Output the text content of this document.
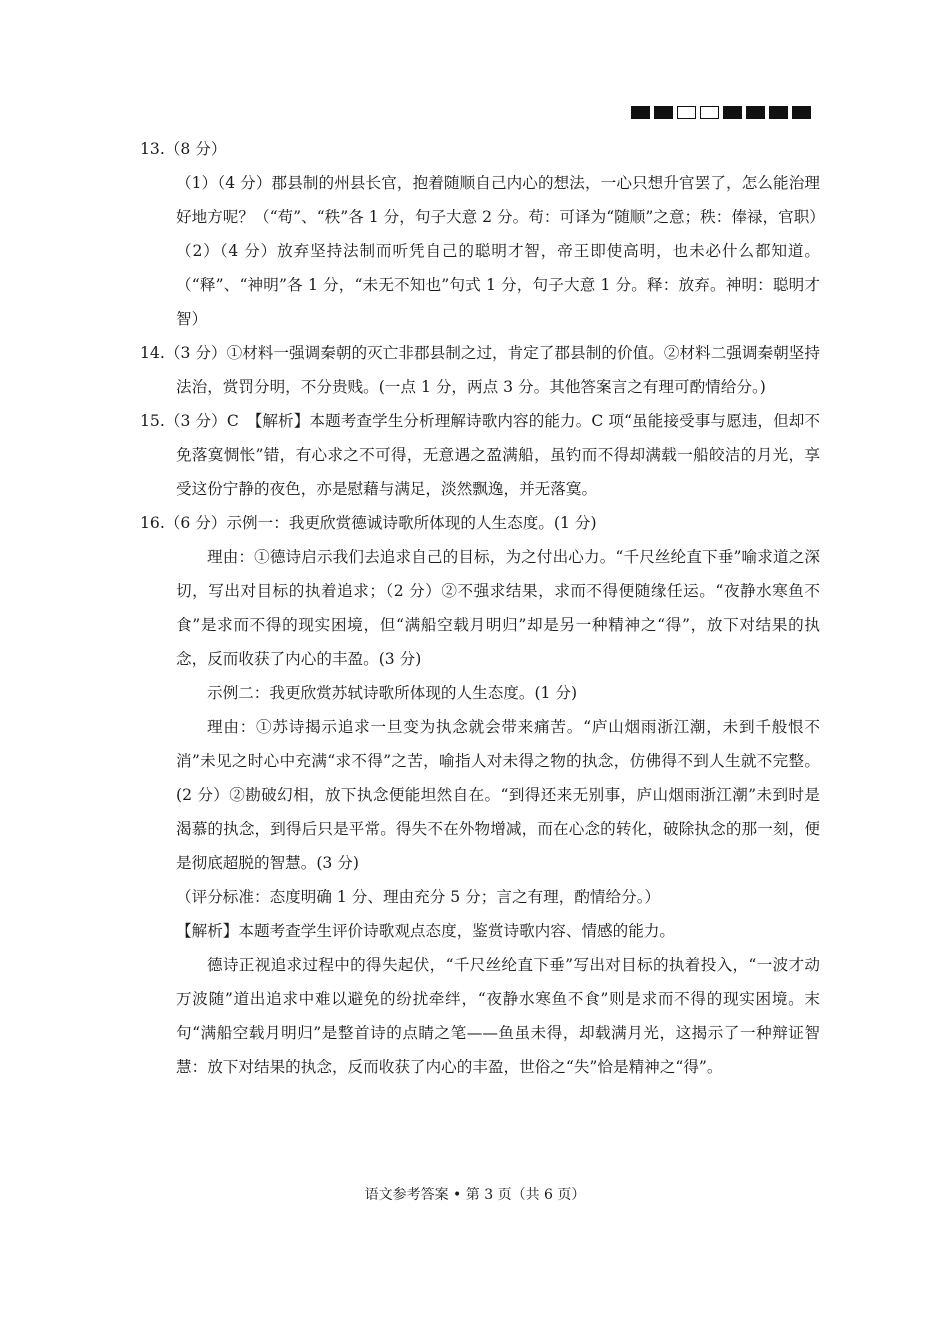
13.（8 分）

（1）（4 分）郡县制的州县长官，抱着随顺自己内心的想法，一心只想升官罢了，怎么能治理好地方呢？（“苟”、“秩”各 1 分，句子大意 2 分。苟：可译为“随顺”之意；秩：俸禄，官职）

（2）（4 分）放弃坚持法制而听凭自己的聪明才智，帝王即使高明，也未必什么都知道。（“释”、“神明”各 1 分，“未无不知也”句式 1 分，句子大意 1 分。释：放弃。神明：聪明才智）

14.（3 分）①材料一强调秦朝的灭亡非郡县制之过，肯定了郡县制的价值。②材料二强调秦朝坚持法治，赏罚分明，不分贵贱。(一点 1 分，两点 3 分。其他答案言之有理可酌情给分。)

15.（3 分）C　【解析】本题考查学生分析理解诗歌内容的能力。C 项“虽能接受事与愿违，但却不免落寞惆怅”错，有心求之不可得，无意遇之盈满船，虽钓而不得却满载一船皎洁的月光，享受这份宁静的夜色，亦是慰藉与满足，淡然飘逸，并无落寞。

16.（6 分）示例一：我更欣赏德诚诗歌所体现的人生态度。(1 分)

理由：①德诗启示我们去追求自己的目标，为之付出心力。“千尺丝纶直下垂”喻求道之深切，写出对目标的执着追求；（2 分）②不强求结果，求而不得便随缘任运。“夜静水寒鱼不食”是求而不得的现实困境，但“满船空载月明归”却是另一种精神之“得”，放下对结果的执念，反而收获了内心的丰盈。(3 分)

示例二：我更欣赏苏轼诗歌所体现的人生态度。(1 分)

理由：①苏诗揭示追求一旦变为执念就会带来痛苦。“庐山烟雨浙江潮，未到千般恨不消”未见之时心中充满“求不得”之苦，喻指人对未得之物的执念，仿佛得不到人生就不完整。(2 分）②勘破幻相，放下执念便能坦然自在。“到得还来无别事，庐山烟雨浙江潮”未到时是渴慕的执念，到得后只是平常。得失不在外物增减，而在心念的转化，破除执念的那一刻，便是彻底超脱的智慧。(3 分)

（评分标准：态度明确 1 分、理由充分 5 分；言之有理，酌情给分。）

【解析】本题考查学生评价诗歌观点态度，鉴赏诗歌内容、情感的能力。

德诗正视追求过程中的得失起伏，“千尺丝纶直下垂”写出对目标的执着投入，“一波才动万波随”道出追求中难以避免的纷扰牵绊，“夜静水寒鱼不食”则是求而不得的现实困境。末句“满船空载月明归”是整首诗的点睛之笔——鱼虽未得，却载满月光，这揭示了一种辩证智慧：放下对结果的执念，反而收获了内心的丰盈，世俗之“失”恰是精神之“得”。

语文参考答案 • 第 3 页（共 6 页）
